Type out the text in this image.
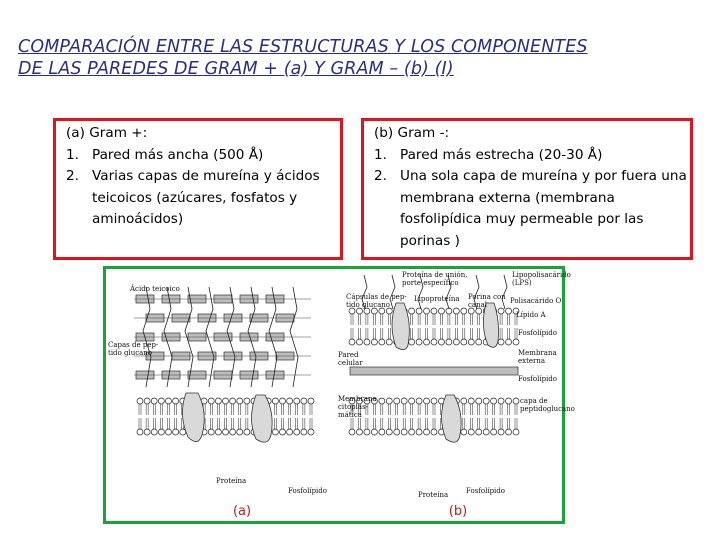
COMPARACIÓN ENTRE LAS ESTRUCTURAS Y LOS COMPONENTES
DE LAS PAREDES DE GRAM + (a) Y GRAM – (b) (I)
(a) Gram +:
1. Pared más ancha (500 Å)
2. Varias capas de mureína y ácidos teicoicos (azúcares, fosfatos y aminoácidos)
(b) Gram -:
1. Pared más estrecha (20-30 Å)
2. Una sola capa de mureína y por fuera una membrana externa (membrana fosfolipídica muy permeable por las porinas )
Ácido teicoico
Capas de pep-tido glucano
Cápsulas de pep-tido glucano
Pared celular
Membrana citoplas-mática
Proteína
Fosfolípido
Proteína de unión, porte específico
Lipoproteína Porina con canal
Lipopolisacárido (LPS)
Polisacárido O
Lípido A
Fosfolípido
Membrana externa
Fosfolípido
capa de peptidoglucano
Proteína	Fosfolípido
(a)	(b)
